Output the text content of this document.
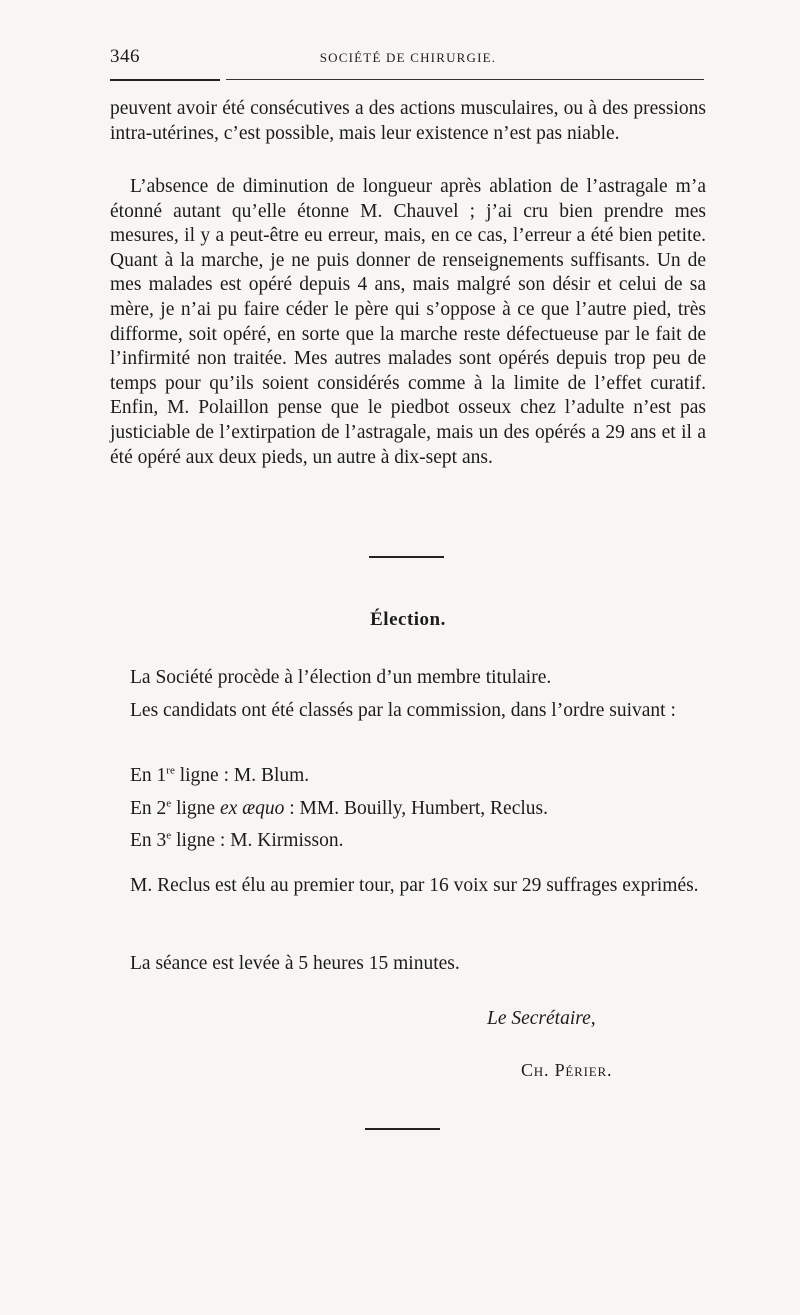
346	SOCIÉTÉ DE CHIRURGIE.

peuvent avoir été consécutives a des actions musculaires, ou à des pressions intra-utérines, c’est possible, mais leur existence n’est pas niable.

L’absence de diminution de longueur après ablation de l’astragale m’a étonné autant qu’elle étonne M. Chauvel ; j’ai cru bien prendre mes mesures, il y a peut-être eu erreur, mais, en ce cas, l’erreur a été bien petite. Quant à la marche, je ne puis donner de renseignements suffisants. Un de mes malades est opéré depuis 4 ans, mais malgré son désir et celui de sa mère, je n’ai pu faire céder le père qui s’oppose à ce que l’autre pied, très difforme, soit opéré, en sorte que la marche reste défectueuse par le fait de l’infirmité non traitée. Mes autres malades sont opérés depuis trop peu de temps pour qu’ils soient considérés comme à la limite de l’effet curatif. Enfin, M. Polaillon pense que le piedbot osseux chez l’adulte n’est pas justiciable de l’extirpation de l’astragale, mais un des opérés a 29 ans et il a été opéré aux deux pieds, un autre à dix-sept ans.

Élection.

La Société procède à l’élection d’un membre titulaire.

Les candidats ont été classés par la commission, dans l’ordre suivant :

En 1re ligne : M. Blum.
En 2e ligne ex æquo : MM. Bouilly, Humbert, Reclus.
En 3e ligne : M. Kirmisson.

M. Reclus est élu au premier tour, par 16 voix sur 29 suffrages exprimés.

La séance est levée à 5 heures 15 minutes.

Le Secrétaire,
Ch. Périer.
